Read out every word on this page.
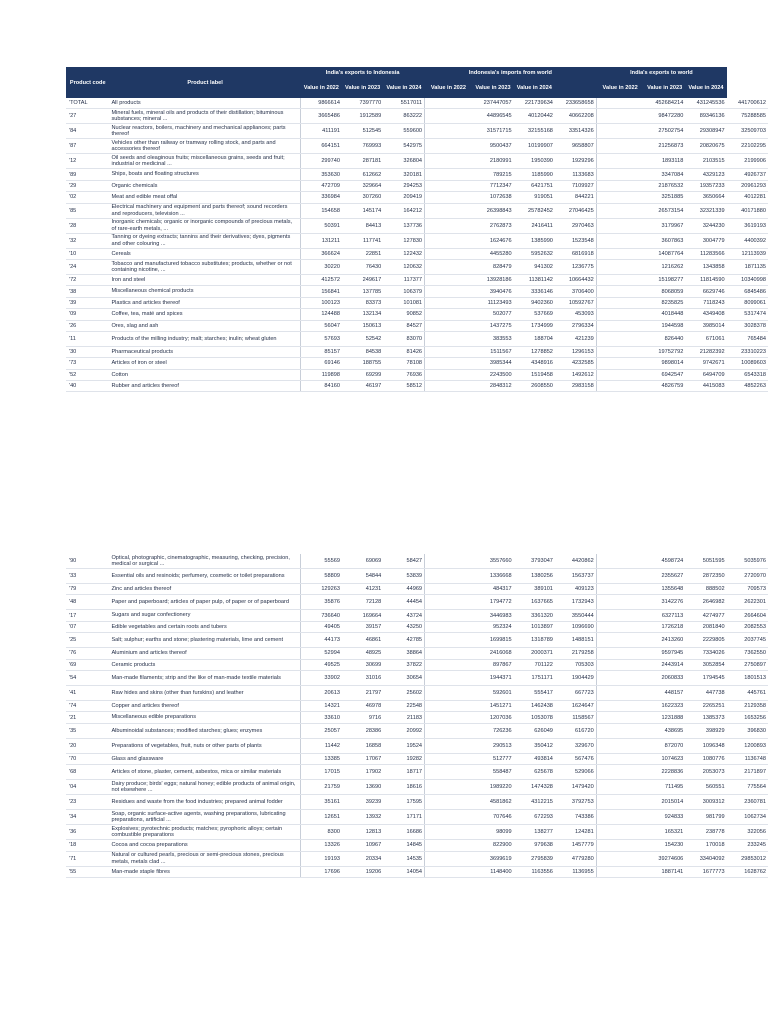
Product code	Product label	India's exports to Indonesia			Indonesia's imports from world				India's exports to world			
		Value in 2022	Value in 2023	Value in 2024	Value in 2022	Value in 2023	Value in 2024		Value in 2022	Value in 2023	Value in 2024	
'TOTAL	All products	9866614	7397770	5517011		237447057	221739634	233658658		452684214	431245536	441700612
'27	Mineral fuels, mineral oils and products of their distillation; bituminous substances; mineral ...	3665486	1912589	863222		44896545	40120442	40662208		98472280	89346136	75288585
'84	Nuclear reactors, boilers, machinery and mechanical appliances; parts thereof	411191	512545	559600		31571715	32155168	33514326		27502754	29308947	32509703
'87	Vehicles other than railway or tramway rolling stock, and parts and accessories thereof	664151	769993	542975		9500437	10199907	9658807		21256873	20820675	22102295
'12	Oil seeds and oleaginous fruits; miscellaneous grains, seeds and fruit; industrial or medicinal ...	299740	287181	326804		2180991	1950390	1929296		1893118	2103515	2199906
'89	Ships, boats and floating structures	353630	612662	320181		789215	1185990	1133683		3347084	4329123	4926737
'29	Organic chemicals	472709	329664	294253		7712347	6421751	7109927		21876532	19357233	20961293
'02	Meat and edible meat offal	336984	307260	209419		1072638	919051	844221		3251885	3650664	4012281
'85	Electrical machinery and equipment and parts thereof; sound recorders and reproducers, television ...	154658	145174	164212		26398843	25782452	27046425		26573154	32321339	40171880
'28	Inorganic chemicals; organic or inorganic compounds of precious metals, of rare-earth metals, ...	50391	84413	137736		2762873	2416411	2970463		3179967	3244230	3619193
'32	Tanning or dyeing extracts; tannins and their derivatives; dyes, pigments and other colouring ...	131211	117741	127830		1624676	1385990	1523548		3607863	3004779	4400392
'10	Cereals	366624	22851	122432		4455280	5952632	6816918		14087764	11283566	12113939
'24	Tobacco and manufactured tobacco substitutes; products, whether or not containing nicotine, ...	30220	76430	120632		828479	941302	1236775		1216262	1343858	1871135
'72	Iron and steel	412572	249617	117377		13928186	11381142	10664432		15198277	11814590	10340998
'38	Miscellaneous chemical products	156841	137785	106379		3940476	3336146	3706400		8068059	6629746	6845486
'39	Plastics and articles thereof	100123	83373	101081		11123493	9402360	10592767		8235825	7118243	8099061
'09	Coffee, tea, maté and spices	124488	132134	90852		502077	537669	453093		4018448	4349408	5317474
'26	Ores, slag and ash	56047	150613	84527		1437275	1734999	2796334		1944598	3985014	3028378
'11	Products of the milling industry; malt; starches; inulin; wheat gluten	57693	52542	83070		383553	188704	421239		826440	671061	765484
'30	Pharmaceutical products	85157	84538	81426		1511567	1278852	1296153		19752792	21282392	23310223
'73	Articles of iron or steel	69146	188755	78108		3985344	4348916	4232585		9898014	9742671	10089603
'52	Cotton	119898	69299	76936		2243500	1519458	1492612		6942547	6494709	6543318
'40	Rubber and articles thereof	84160	46197	58512		2848312	2608550	2983158		4826759	4415083	4852263
'90	Optical, photographic, cinematographic, measuring, checking, precision, medical or surgical ...	55569	69069	58427		3557660	3793047	4420862		4598724	5051595	5035976
'33	Essential oils and resinoids; perfumery, cosmetic or toilet preparations	58809	54844	53839		1336668	1380256	1563737		2355627	2872350	2720970
'79	Zinc and articles thereof	129263	41231	44969		484317	389101	409123		1355648	888502	709573
'48	Paper and paperboard; articles of paper pulp, of paper or of paperboard	35876	72128	44454		1794772	1637665	1732943		3142276	2646982	2622301
'17	Sugars and sugar confectionery	736640	169664	43724		3446983	3361320	3550444		6327113	4274977	2664604
'07	Edible vegetables and certain roots and tubers	49405	39157	43250		952324	1013897	1096690		1726218	2081840	2082553
'25	Salt; sulphur; earths and stone; plastering materials, lime and cement	44173	46861	42785		1699815	1318789	1488151		2413260	2229805	2037745
'76	Aluminium and articles thereof	52994	48925	38864		2416068	2000371	2179258		9597945	7334026	7362550
'69	Ceramic products	49525	30699	37822		897867	701122	705303		2443914	3052854	2750897
'54	Man-made filaments; strip and the like of man-made textile materials	33902	31016	30654		1944371	1751171	1904429		2060833	1794545	1801513
'41	Raw hides and skins (other than furskins) and leather	20613	21797	25602		592601	555417	667723		448157	447738	445761
'74	Copper and articles thereof	14321	46978	22548		1451271	1462438	1624647		1622323	2265251	2129358
'21	Miscellaneous edible preparations	33610	9716	21183		1207036	1053078	1158567		1231888	1385373	1653256
'35	Albuminoidal substances; modified starches; glues; enzymes	25057	28386	20992		726236	626049	616720		438695	398929	396830
'20	Preparations of vegetables, fruit, nuts or other parts of plants	11442	16858	19524		290513	350412	329670		872070	1096348	1200893
'70	Glass and glassware	13385	17067	19282		512777	493814	567476		1074623	1080776	1136748
'68	Articles of stone, plaster, cement, asbestos, mica or similar materials	17015	17902	18717		558487	625678	529066		2228836	2053073	2171897
'04	Dairy produce; birds' eggs; natural honey; edible products of animal origin, not elsewhere ...	21759	13690	18616		1989220	1474328	1479420		711495	560551	775564
'23	Residues and waste from the food industries; prepared animal fodder	35161	39239	17595		4581862	4312215	3792753		2015014	3009312	2360781
'34	Soap, organic surface-active agents, washing preparations, lubricating preparations, artificial ...	12651	13932	17171		707646	672293	743386		924833	981799	1062734
'36	Explosives; pyrotechnic products; matches; pyrophoric alloys; certain combustible preparations	8300	12813	16686		98099	138277	124281		165321	238778	322056
'18	Cocoa and cocoa preparations	13326	10967	14845		822900	979638	1457779		154230	170018	233245
'71	Natural or cultured pearls, precious or semi-precious stones, precious metals, metals clad ...	19193	20334	14535		3699619	2795839	4779280		39274606	33404092	29853012
'55	Man-made staple fibres	17696	19206	14054		1148400	1163556	1136955		1887141	1677773	1628762
